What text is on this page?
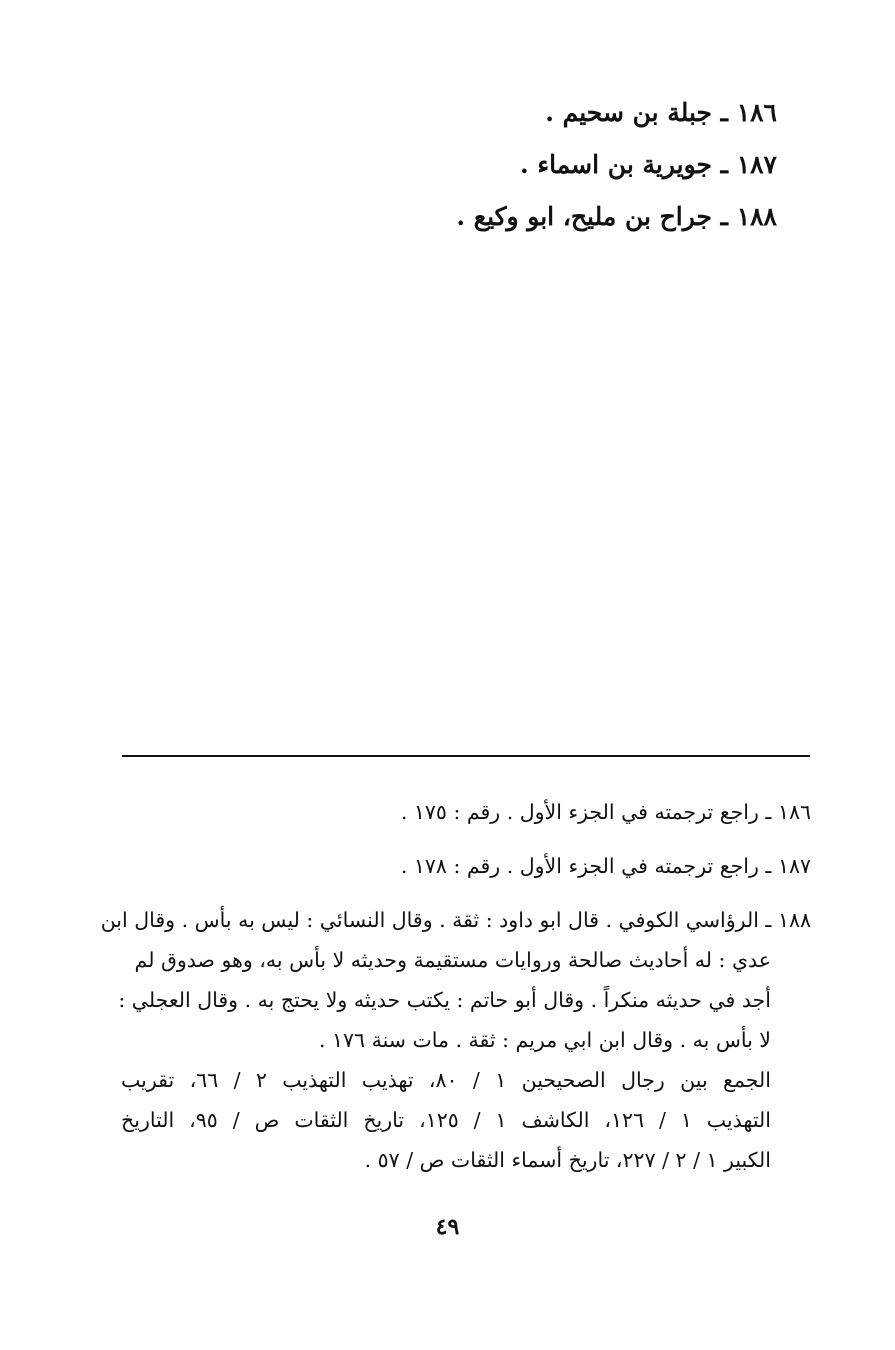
١٨٦ ـ جبلة بن سحيم .
١٨٧ ـ جويرية بن اسماء .
١٨٨ ـ جراح بن مليح، ابو وكيع .
١٨٦ ـ راجع ترجمته في الجزء الأول . رقم : ١٧٥ .
١٨٧ ـ راجع ترجمته في الجزء الأول . رقم : ١٧٨ .
١٨٨ ـ الرؤاسي الكوفي . قال ابو داود : ثقة . وقال النسائي : ليس به بأس . وقال ابن
عدي : له أحاديث صالحة وروايات مستقيمة وحديثه لا بأس به، وهو صدوق لم
أجد في حديثه منكراً . وقال أبو حاتم : يكتب حديثه ولا يحتج به . وقال العجلي :
لا بأس به . وقال ابن ابي مريم : ثقة . مات سنة ١٧٦ .
الجمع بين رجال الصحيحين ١ / ٨٠، تهذيب التهذيب ٢ / ٦٦، تقريب
التهذيب ١ / ١٢٦، الكاشف ١ / ١٢٥، تاريخ الثقات ص / ٩٥، التاريخ
الكبير ١ / ٢ / ٢٢٧، تاريخ أسماء الثقات ص / ٥٧ .
٤٩
